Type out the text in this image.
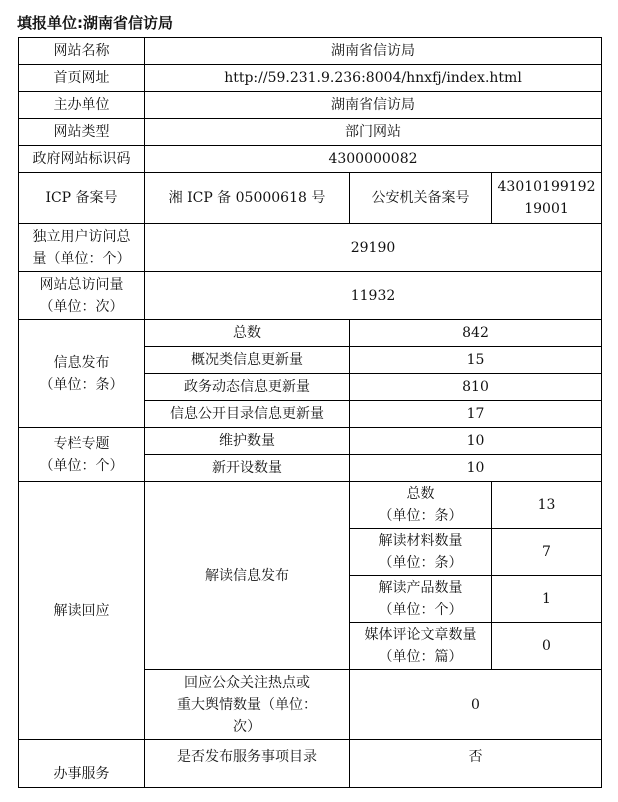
填报单位:湖南省信访局
网站名称	湖南省信访局		
首页网址	http://59.231.9.236:8004/hnxfj/index.html		
主办单位	湖南省信访局		
网站类型	部门网站		
政府网站标识码	4300000082		
ICP 备案号	湘 ICP 备 05000618 号	公安机关备案号	43010199192
19001
独立用户访问总
量（单位：个）	29190		
网站总访问量
（单位：次）	11932		
信息发布
（单位：条）	总数	842	
	概况类信息更新量	15	
	政务动态信息更新量	810	
	信息公开目录信息更新量	17	
专栏专题
（单位：个）	维护数量	10	
	新开设数量	10	
解读回应	解读信息发布	总数
（单位：条）	13
		解读材料数量
（单位：条）	7
		解读产品数量
（单位：个）	1
		媒体评论文章数量
（单位：篇）	0
	回应公众关注热点或
重大舆情数量（单位：
次）	0	
办事服务	是否发布服务事项目录	否	
